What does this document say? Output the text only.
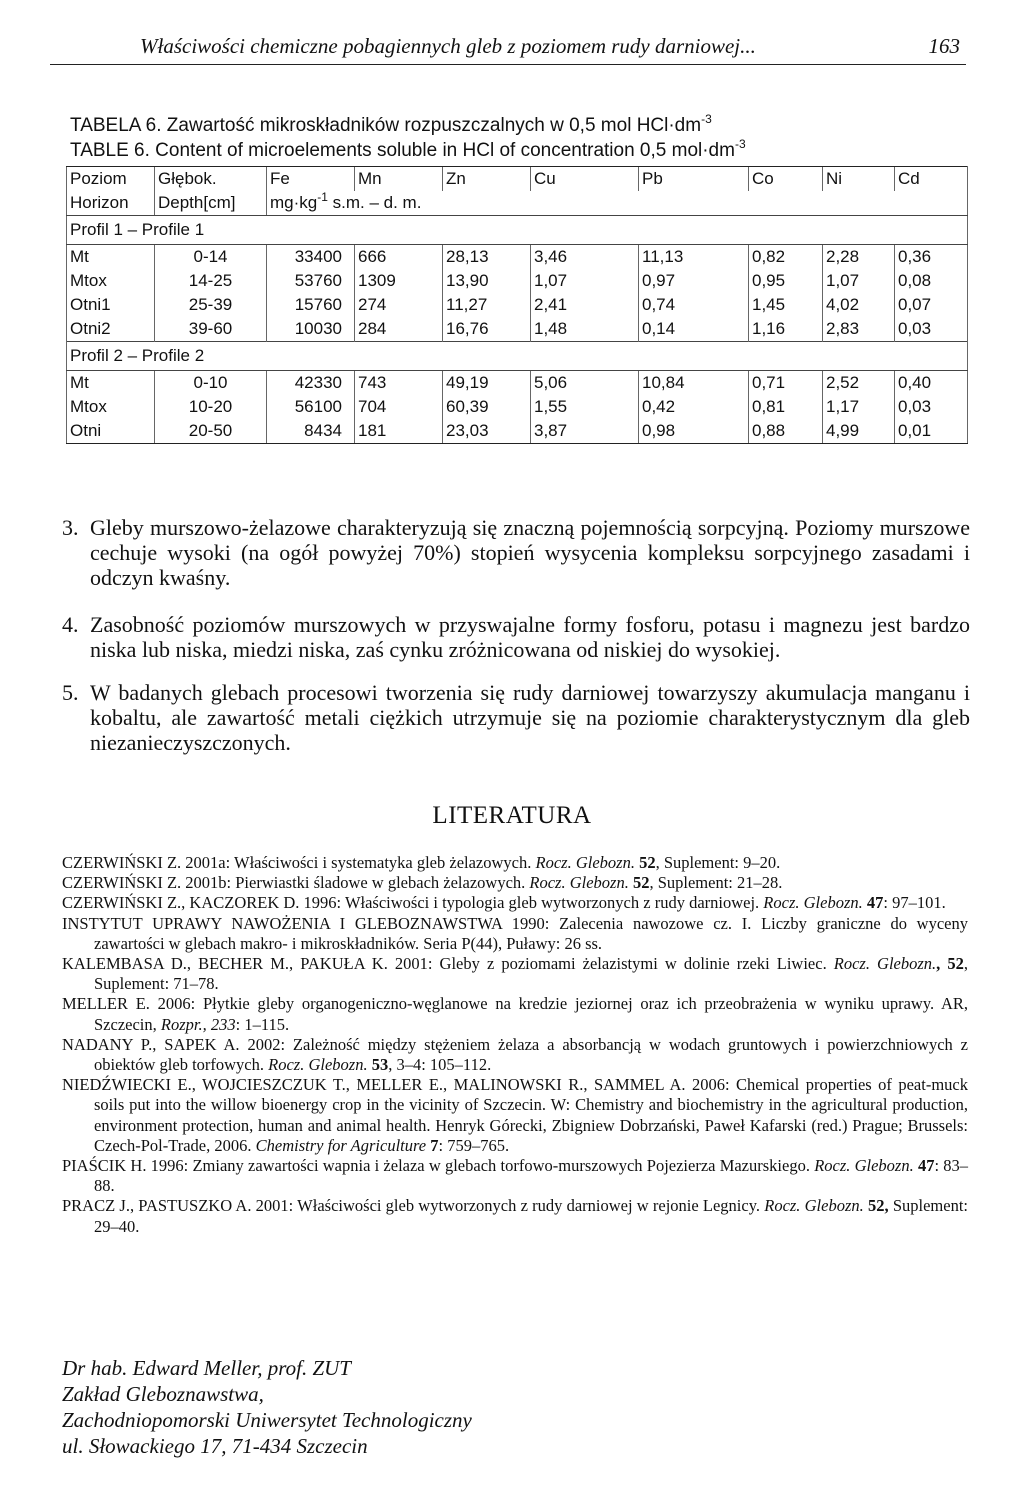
Właściwości chemiczne pobagiennych gleb z poziomem rudy darniowej...	163
TABELA 6. Zawartość mikroskładników rozpuszczalnych w 0,5 mol $HCl\cdot dm^{-3}$
TABLE 6. Content of microelements soluble in HCl of concentration 0,5 $mol\cdot dm^{-3}$
Poziom	Głębok.	Fe	Mn	Zn	Cu	Pb	Co	Ni	Cd
Horizon	Depth[cm]	$mg\cdot kg^{-1}$ s.m. – d. m.							
Profil 1 – Profile 1									
Mt	0-14	33400	666	28,13	3,46	11,13	0,82	2,28	0,36
Mtox	14-25	53760	1309	13,90	1,07	0,97	0,95	1,07	0,08
Otni1	25-39	15760	274	11,27	2,41	0,74	1,45	4,02	0,07
Otni2	39-60	10030	284	16,76	1,48	0,14	1,16	2,83	0,03
Profil 2 – Profile 2									
Mt	0-10	42330	743	49,19	5,06	10,84	0,71	2,52	0,40
Mtox	10-20	56100	704	60,39	1,55	0,42	0,81	1,17	0,03
Otni	20-50	8434	181	23,03	3,87	0,98	0,88	4,99	0,01
3. Gleby murszowo-żelazowe charakteryzują się znaczną pojemnością sorpcyjną. Poziomy murszowe cechuje wysoki (na ogół powyżej 70%) stopień wysycenia kompleksu sorpcyjnego zasadami i odczyn kwaśny.
4. Zasobność poziomów murszowych w przyswajalne formy fosforu, potasu i magnezu jest bardzo niska lub niska, miedzi niska, zaś cynku zróżnicowana od niskiej do wysokiej.
5. W badanych glebach procesowi tworzenia się rudy darniowej towarzyszy akumulacja manganu i kobaltu, ale zawartość metali ciężkich utrzymuje się na poziomie charakterystycznym dla gleb niezanieczyszczonych.
LITERATURA
CZERWIŃSKI Z. 2001a: Właściwości i systematyka gleb żelazowych. Rocz. Glebozn. 52, Suplement: 9–20.
CZERWIŃSKI Z. 2001b: Pierwiastki śladowe w glebach żelazowych. Rocz. Glebozn. 52, Suplement: 21–28.
CZERWIŃSKI Z., KACZOREK D. 1996: Właściwości i typologia gleb wytworzonych z rudy darniowej. Rocz. Glebozn. 47: 97–101.
INSTYTUT UPRAWY NAWOŻENIA I GLEBOZNAWSTWA 1990: Zalecenia nawozowe cz. I. Liczby graniczne do wyceny zawartości w glebach makro- i mikroskładników. Seria P(44), Puławy: 26 ss.
KALEMBASA D., BECHER M., PAKUŁA K. 2001: Gleby z poziomami żelazistymi w dolinie rzeki Liwiec. Rocz. Glebozn., 52, Suplement: 71–78.
MELLER E. 2006: Płytkie gleby organogeniczno-węglanowe na kredzie jeziornej oraz ich przeobrażenia w wyniku uprawy. AR, Szczecin, Rozpr., 233: 1–115.
NADANY P., SAPEK A. 2002: Zależność między stężeniem żelaza a absorbancją w wodach gruntowych i powierzchniowych z obiektów gleb torfowych. Rocz. Glebozn. 53, 3–4: 105–112.
NIEDŹWIECKI E., WOJCIESZCZUK T., MELLER E., MALINOWSKI R., SAMMEL A. 2006: Chemical properties of peat-muck soils put into the willow bioenergy crop in the vicinity of Szczecin. W: Chemistry and biochemistry in the agricultural production, environment protection, human and animal health. Henryk Górecki, Zbigniew Dobrzański, Paweł Kafarski (red.) Prague; Brussels: Czech-Pol-Trade, 2006. Chemistry for Agriculture 7: 759–765.
PIAŚCIK H. 1996: Zmiany zawartości wapnia i żelaza w glebach torfowo-murszowych Pojezierza Mazurskiego. Rocz. Glebozn. 47: 83–88.
PRACZ J., PASTUSZKO A. 2001: Właściwości gleb wytworzonych z rudy darniowej w rejonie Legnicy. Rocz. Glebozn. 52, Suplement: 29–40.
Dr hab. Edward Meller, prof. ZUT
Zakład Gleboznawstwa,
Zachodniopomorski Uniwersytet Technologiczny
ul. Słowackiego 17, 71-434 Szczecin
